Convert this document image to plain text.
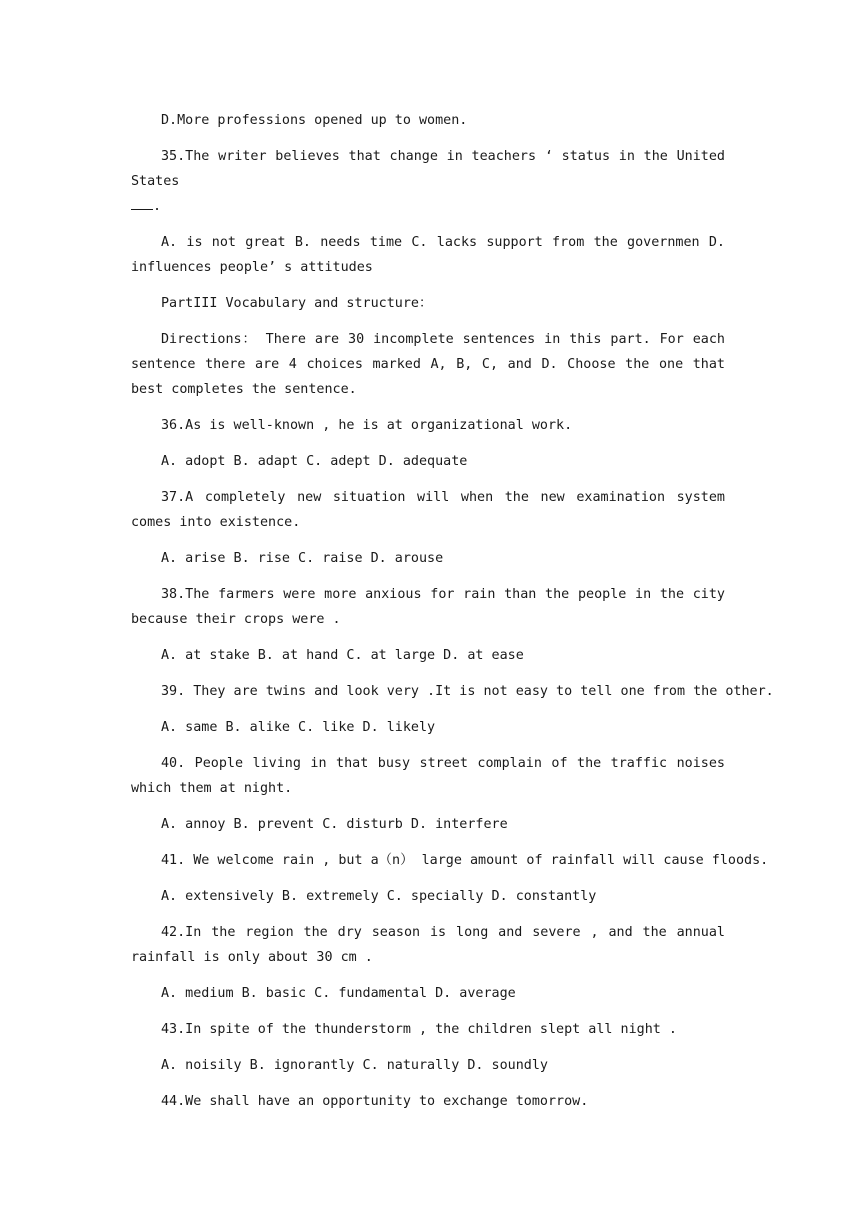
D.More professions opened up to women.

35.The writer believes that change in teachers ‘ status in the United States

.

A. is not great B. needs time C. lacks support from the governmen D. influences people’ s attitudes

PartIII Vocabulary and structure：

Directions： There are 30 incomplete sentences in this part. For each sentence there are 4 choices marked A, B, C, and D. Choose the one that best completes the sentence.

36.As is well-known , he is at organizational work.

A. adopt B. adapt C. adept D. adequate

37.A completely new situation will when the new examination system comes into existence.

A. arise B. rise C. raise D. arouse

38.The farmers were more anxious for rain than the people in the city because their crops were .

A. at stake B. at hand C. at large D. at ease

39. They are twins and look very .It is not easy to tell one from the other.

A. same B. alike C. like D. likely

40. People living in that busy street complain of the traffic noises which them at night.

A. annoy B. prevent C. disturb D. interfere

41. We welcome rain , but a（n） large amount of rainfall will cause floods.

A. extensively B. extremely C. specially D. constantly

42.In the region the dry season is long and severe , and the annual rainfall is only about 30 cm .

A. medium B. basic C. fundamental D. average

43.In spite of the thunderstorm , the children slept all night .

A. noisily B. ignorantly C. naturally D. soundly

44.We shall have an opportunity to exchange tomorrow.
